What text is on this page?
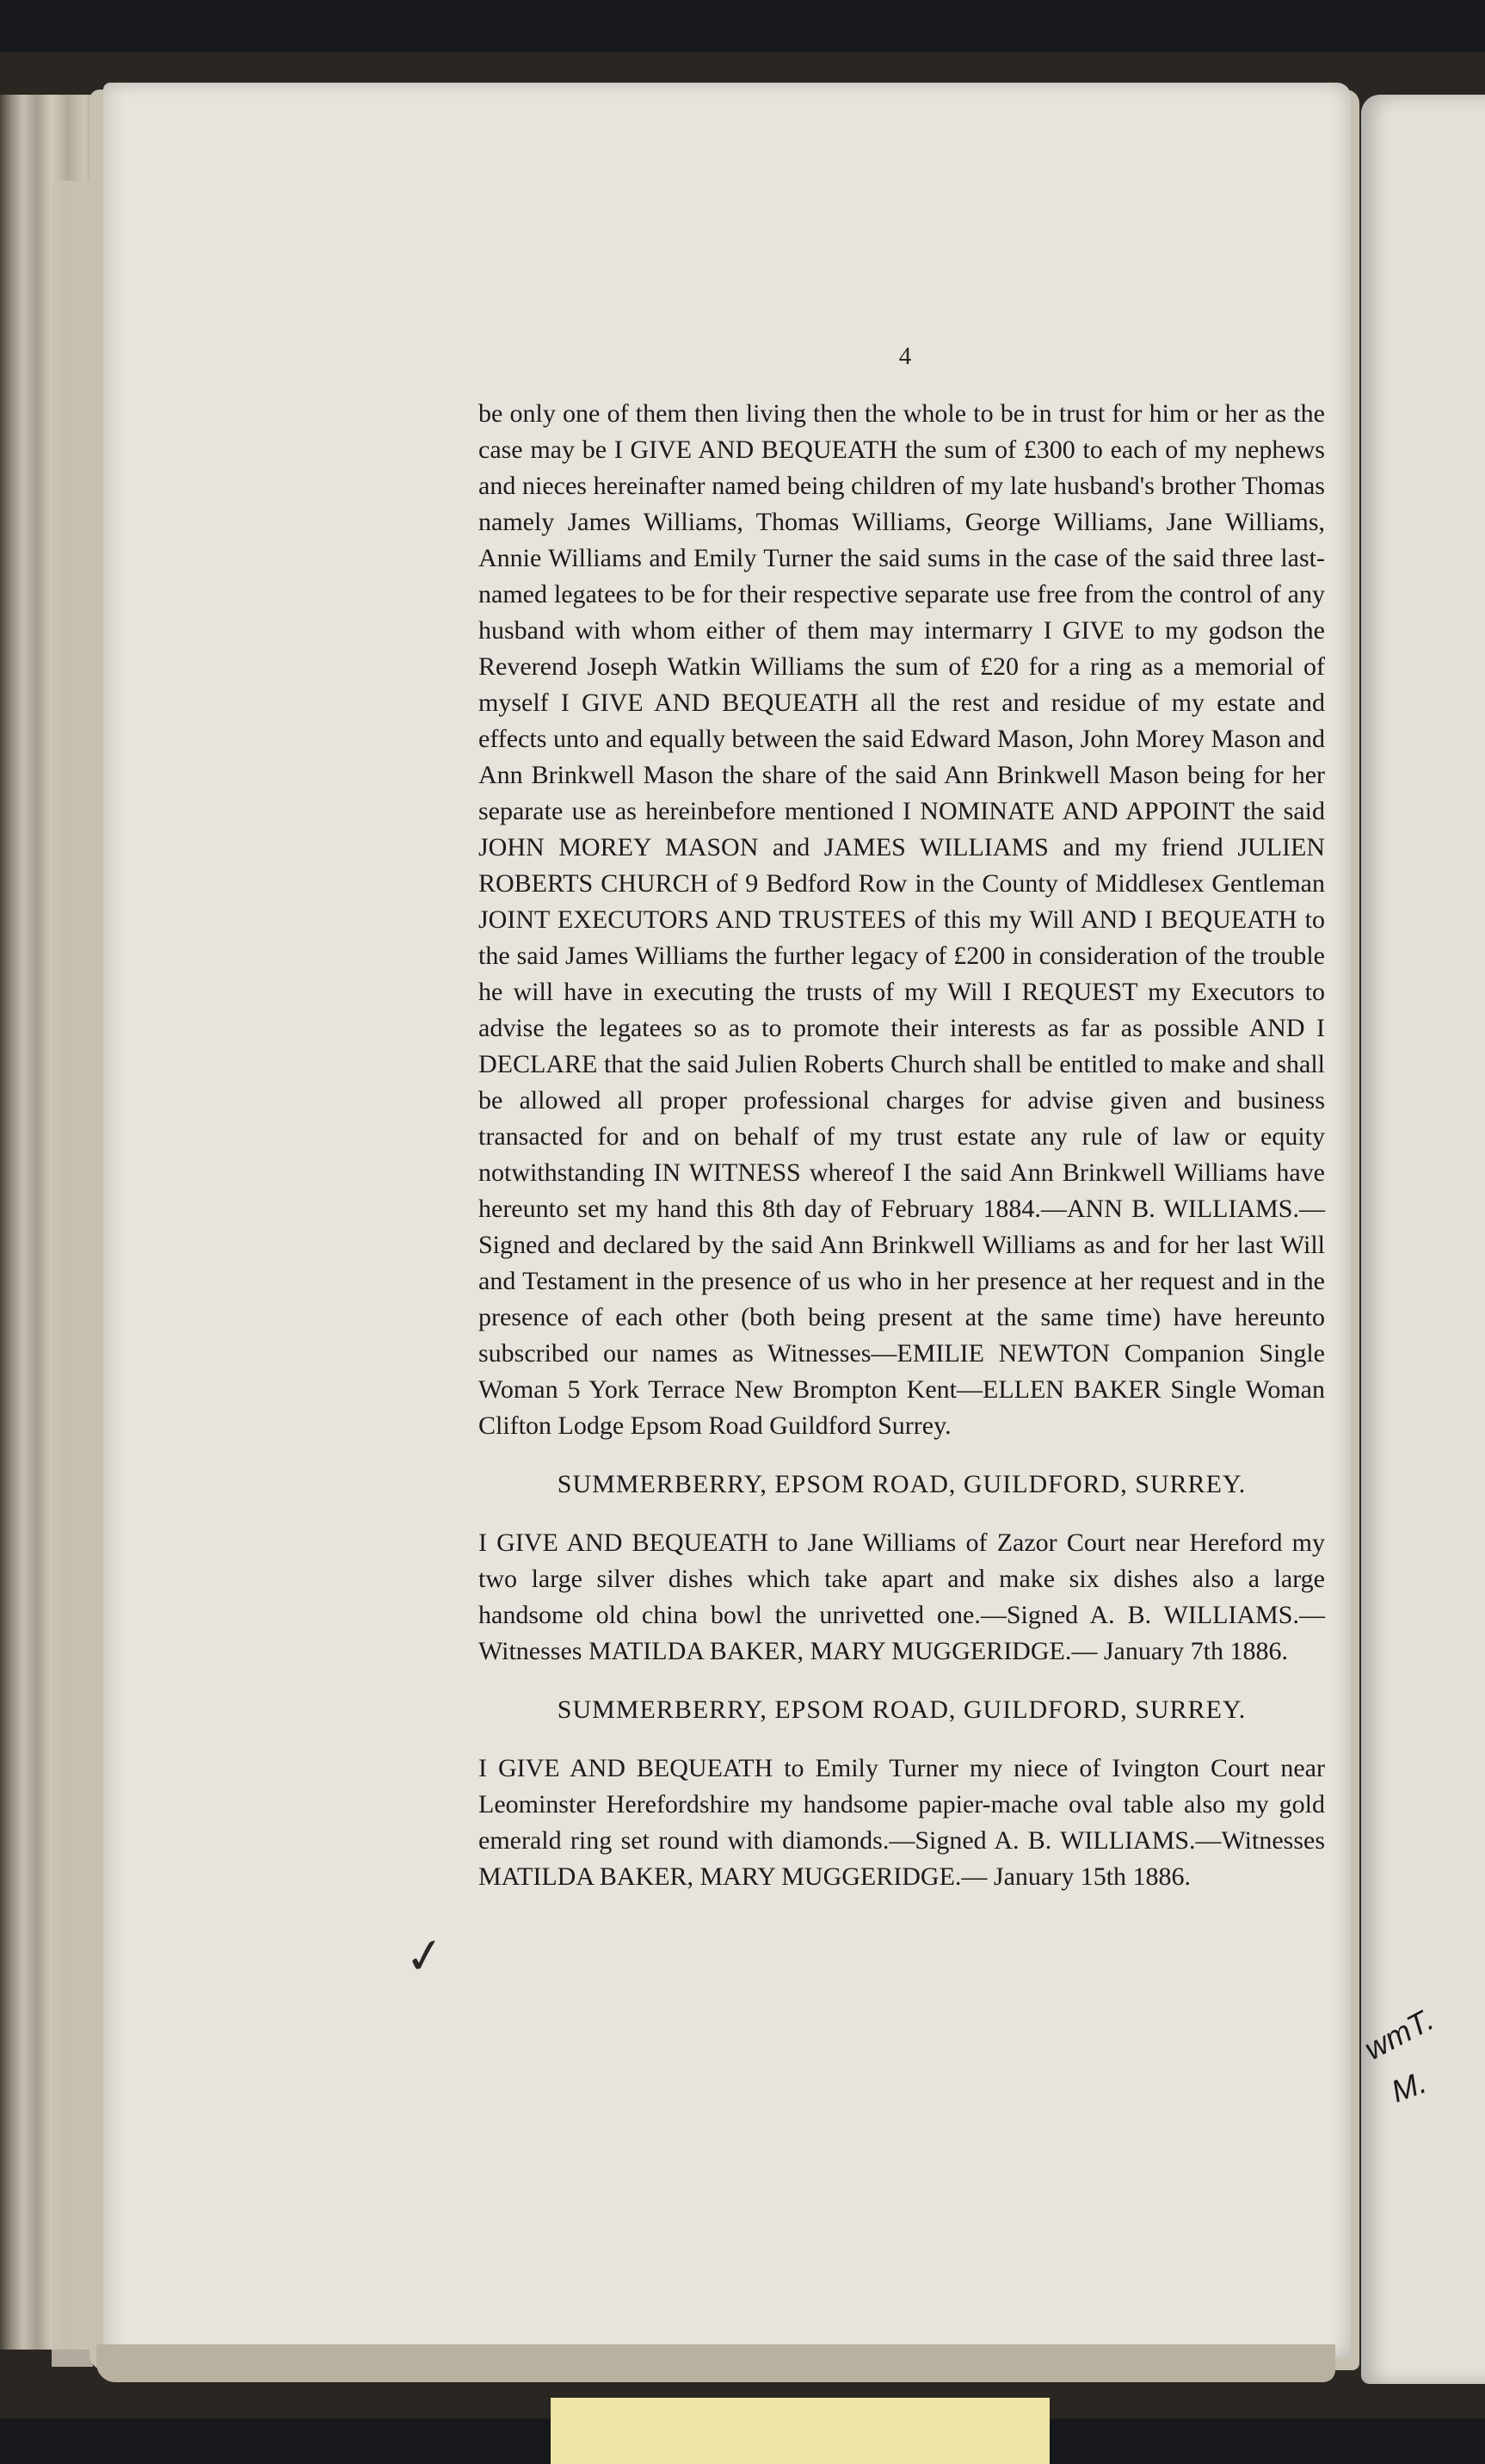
4

be only one of them then living then the whole to be in trust for him or her as the case may be I GIVE AND BEQUEATH the sum of £300 to each of my nephews and nieces hereinafter named being children of my late husband's brother Thomas namely James Williams, Thomas Williams, George Williams, Jane Williams, Annie Williams and Emily Turner the said sums in the case of the said three last-named legatees to be for their respective separate use free from the control of any husband with whom either of them may intermarry I GIVE to my godson the Reverend Joseph Watkin Williams the sum of £20 for a ring as a memorial of myself I GIVE AND BEQUEATH all the rest and residue of my estate and effects unto and equally between the said Edward Mason, John Morey Mason and Ann Brinkwell Mason the share of the said Ann Brinkwell Mason being for her separate use as hereinbefore mentioned I NOMINATE AND APPOINT the said JOHN MOREY MASON and JAMES WILLIAMS and my friend JULIEN ROBERTS CHURCH of 9 Bedford Row in the County of Middlesex Gentleman JOINT EXECUTORS AND TRUSTEES of this my Will AND I BEQUEATH to the said James Williams the further legacy of £200 in consideration of the trouble he will have in executing the trusts of my Will I REQUEST my Executors to advise the legatees so as to promote their interests as far as possible AND I DECLARE that the said Julien Roberts Church shall be entitled to make and shall be allowed all proper professional charges for advise given and business transacted for and on behalf of my trust estate any rule of law or equity notwithstanding IN WITNESS whereof I the said Ann Brinkwell Williams have hereunto set my hand this 8th day of February 1884.—ANN B. WILLIAMS.— Signed and declared by the said Ann Brinkwell Williams as and for her last Will and Testament in the presence of us who in her presence at her request and in the presence of each other (both being present at the same time) have hereunto subscribed our names as Witnesses—EMILIE NEWTON Companion Single Woman 5 York Terrace New Brompton Kent—ELLEN BAKER Single Woman Clifton Lodge Epsom Road Guildford Surrey.

SUMMERBERRY, EPSOM ROAD, GUILDFORD, SURREY.

I GIVE AND BEQUEATH to Jane Williams of Zazor Court near Hereford my two large silver dishes which take apart and make six dishes also a large handsome old china bowl the unrivetted one.—Signed A. B. WILLIAMS.—Witnesses MATILDA BAKER, MARY MUGGERIDGE.— January 7th 1886.

SUMMERBERRY, EPSOM ROAD, GUILDFORD, SURREY.

I GIVE AND BEQUEATH to Emily Turner my niece of Ivington Court near Leominster Herefordshire my handsome papier-mache oval table also my gold emerald ring set round with diamonds.—Signed A. B. WILLIAMS.—Witnesses MATILDA BAKER, MARY MUGGERIDGE.— January 15th 1886.

✓
wmT.
M.
